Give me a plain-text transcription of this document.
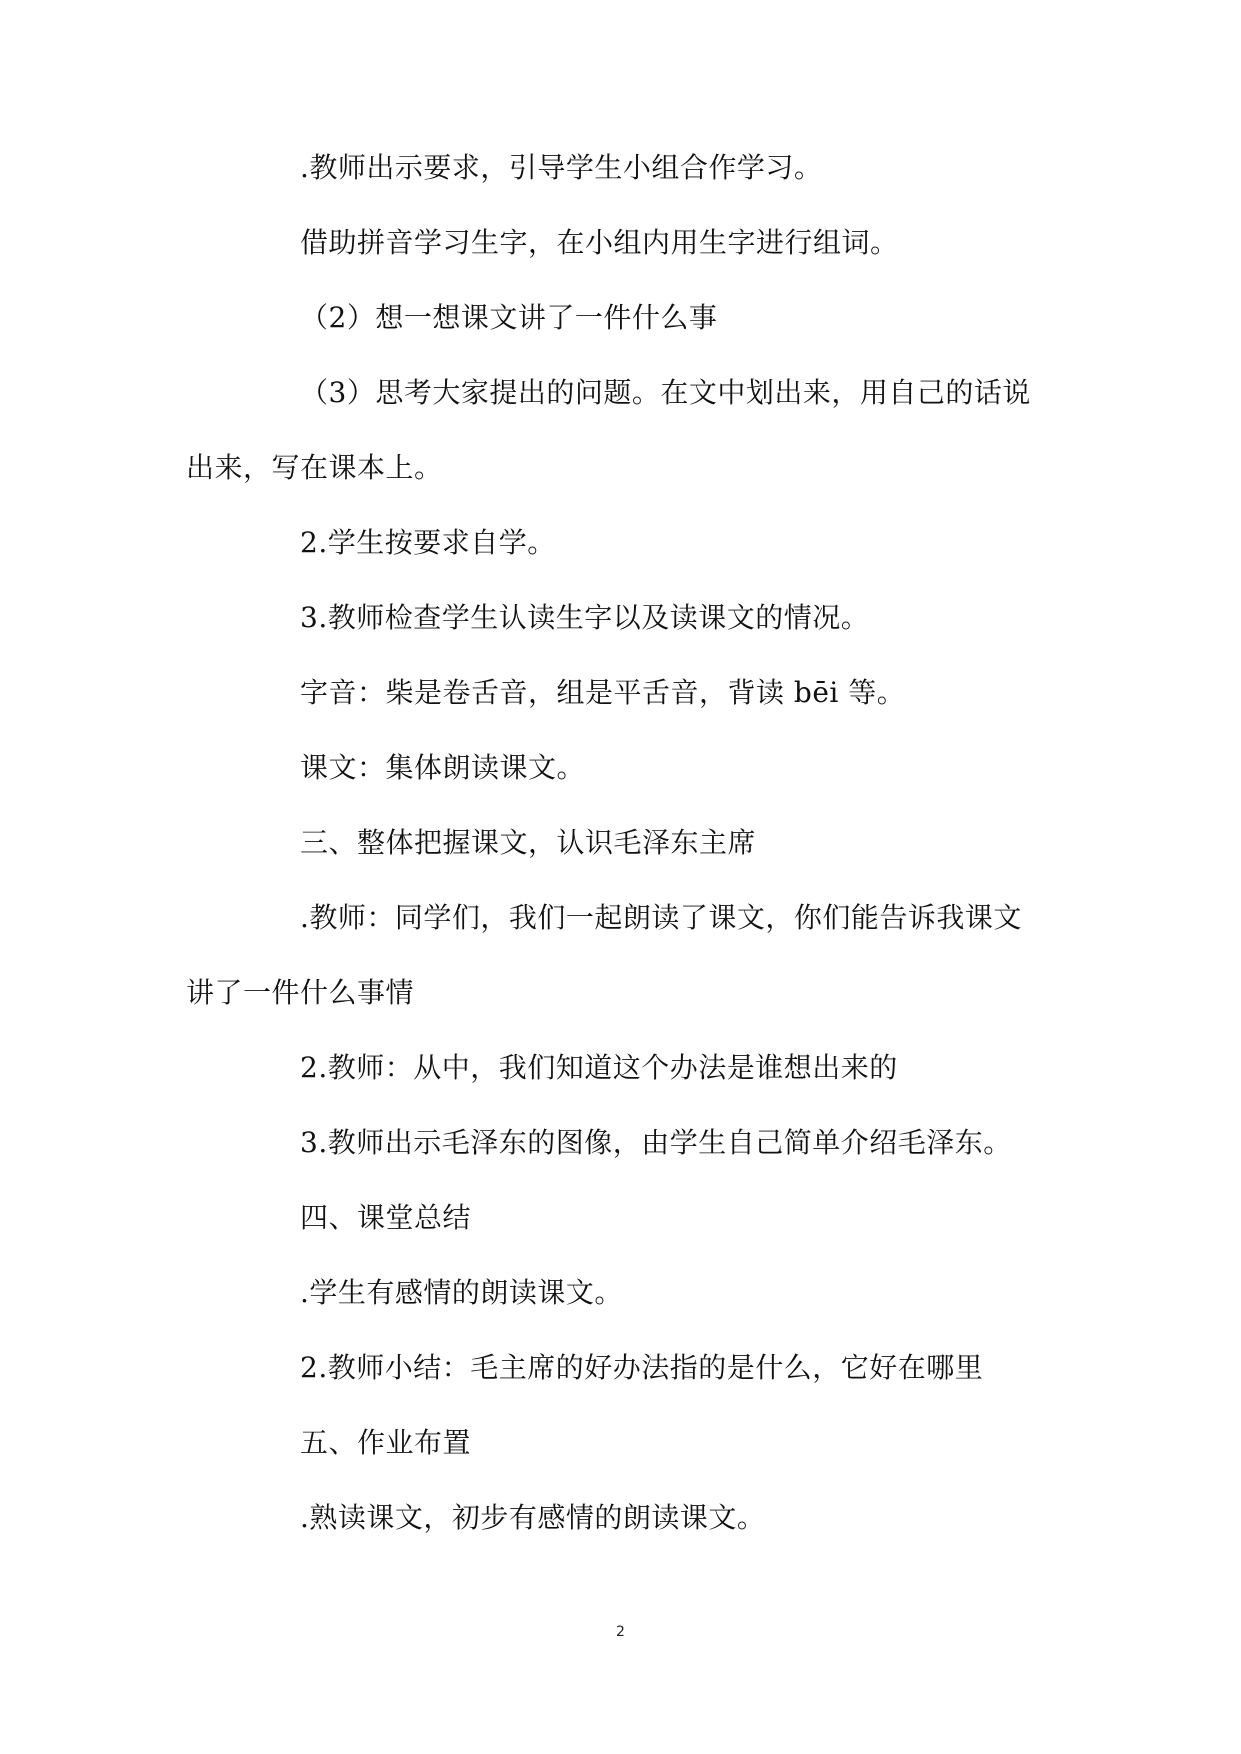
.教师出示要求，引导学生小组合作学习。
借助拼音学习生字，在小组内用生字进行组词。
（2）想一想课文讲了一件什么事
（3）思考大家提出的问题。在文中划出来，用自己的话说
出来，写在课本上。
2.学生按要求自学。
3.教师检查学生认读生字以及读课文的情况。
字音：柴是卷舌音，组是平舌音，背读 bēi 等。
课文：集体朗读课文。
三、整体把握课文，认识毛泽东主席
.教师：同学们，我们一起朗读了课文，你们能告诉我课文
讲了一件什么事情
2.教师：从中，我们知道这个办法是谁想出来的
3.教师出示毛泽东的图像，由学生自己简单介绍毛泽东。
四、课堂总结
.学生有感情的朗读课文。
2.教师小结：毛主席的好办法指的是什么，它好在哪里
五、作业布置
.熟读课文，初步有感情的朗读课文。
2
